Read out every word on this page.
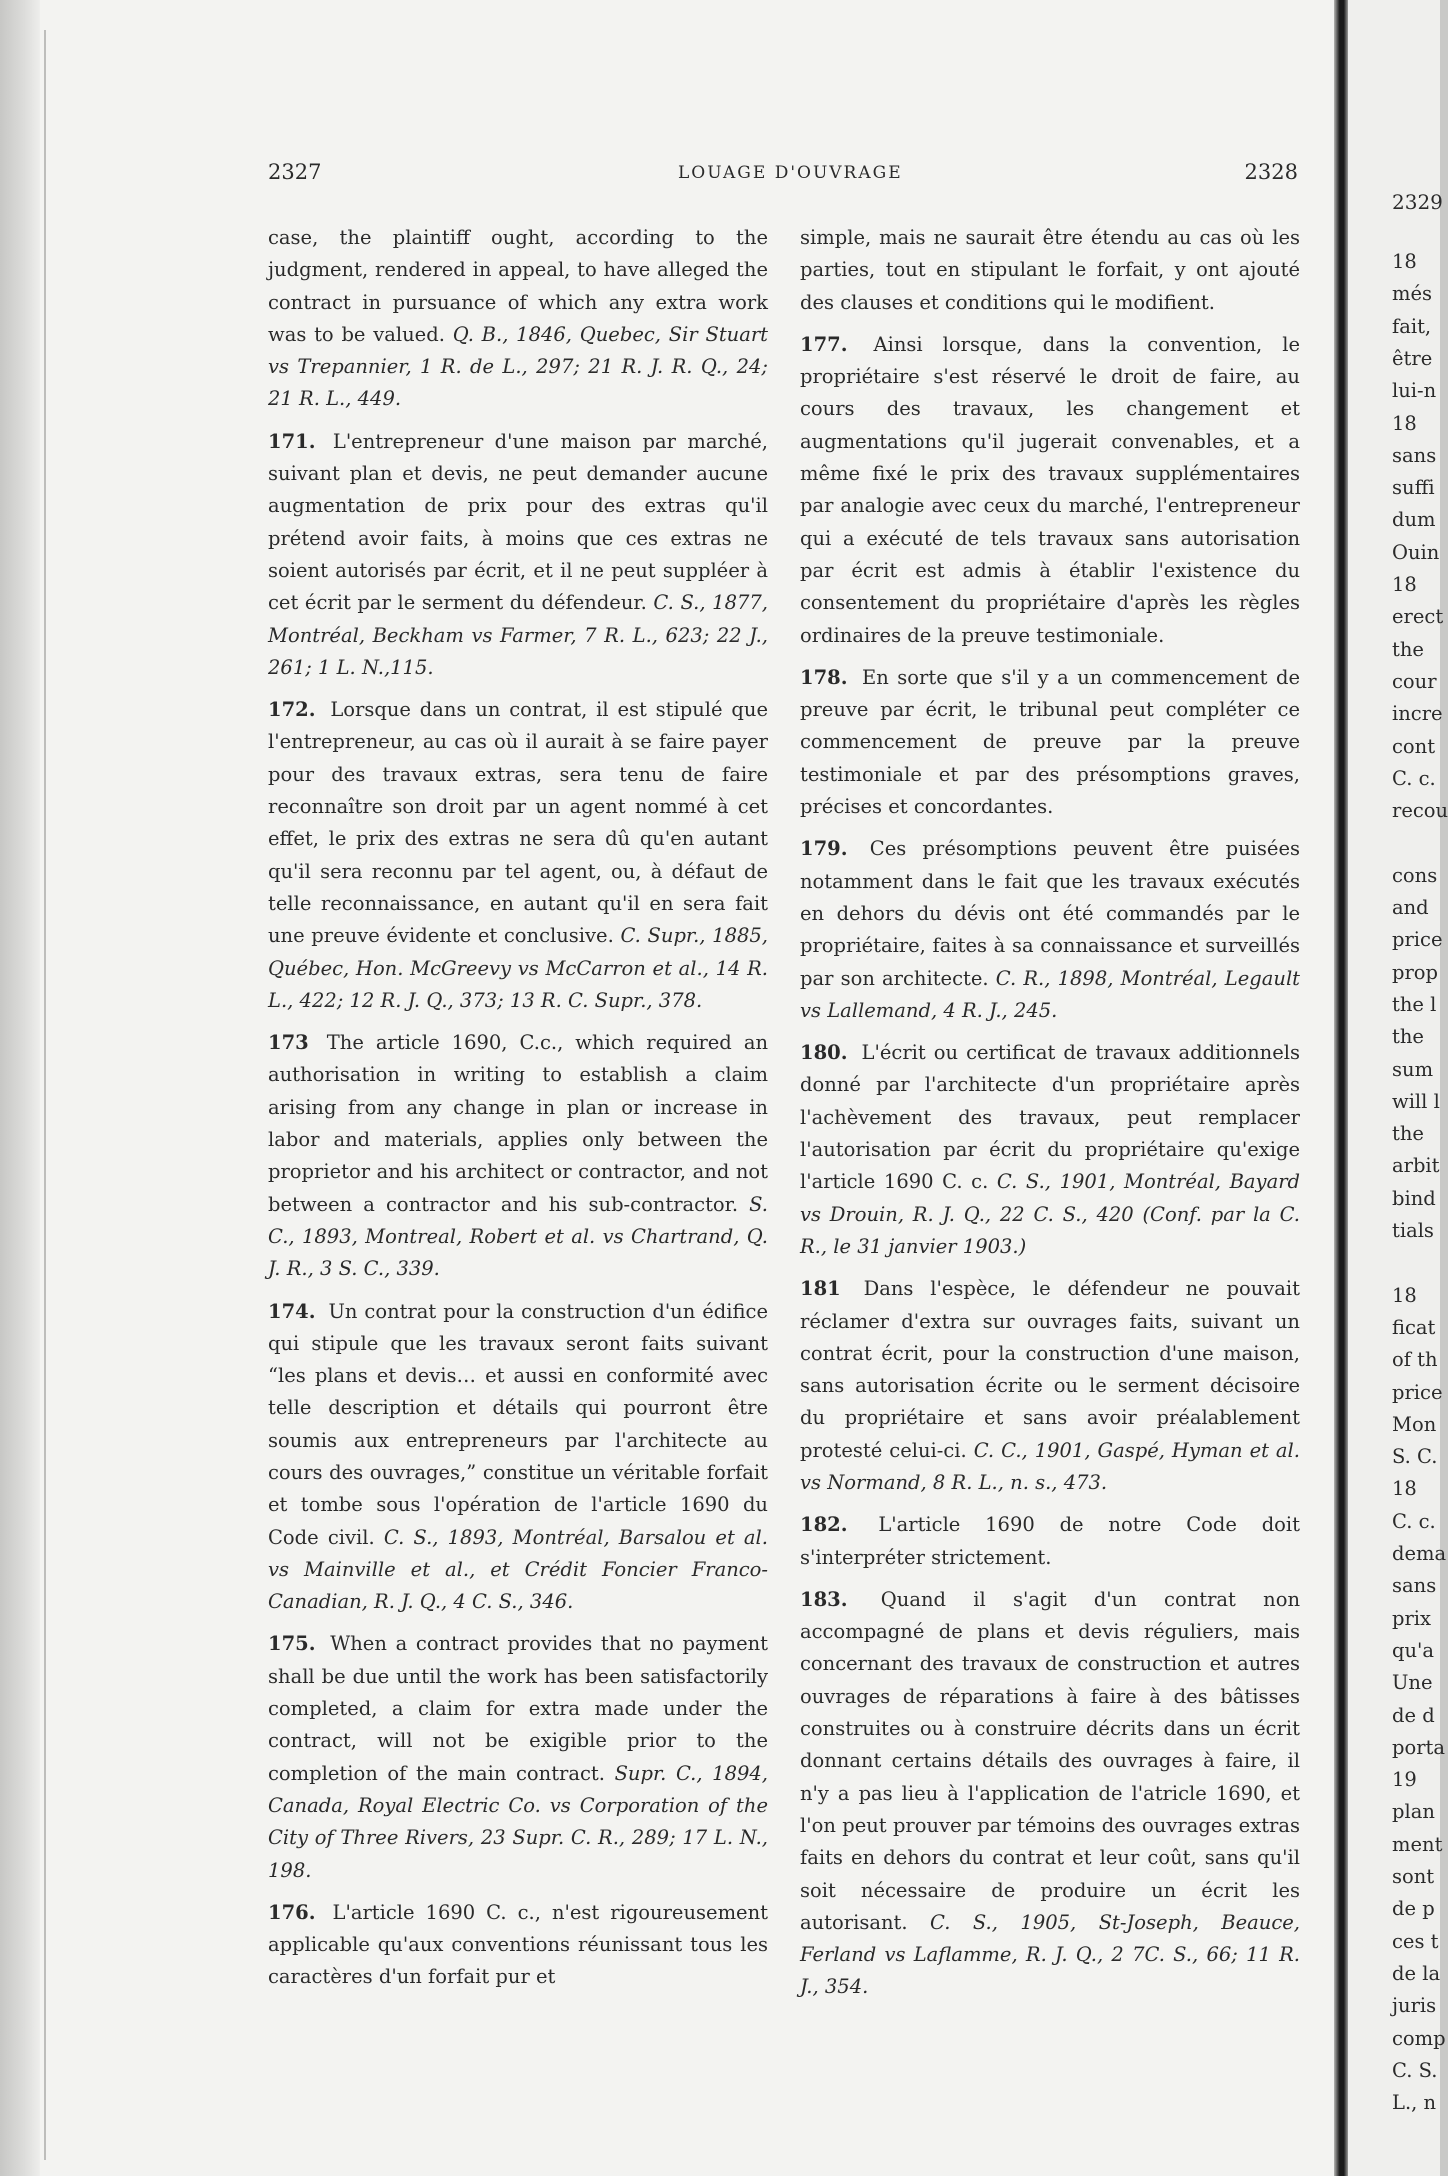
2327	LOUAGE D'OUVRAGE	2328

case, the plaintiff ought, according to the judgment, rendered in appeal, to have alleged the contract in pursuance of which any extra work was to be valued. Q. B., 1846, Quebec, Sir Stuart vs Trepannier, 1 R. de L., 297; 21 R. J. R. Q., 24; 21 R. L., 449.

171. L'entrepreneur d'une maison par marché, suivant plan et devis, ne peut demander aucune augmentation de prix pour des extras qu'il prétend avoir faits, à moins que ces extras ne soient autorisés par écrit, et il ne peut suppléer à cet écrit par le serment du défendeur. C. S., 1877, Montréal, Beckham vs Farmer, 7 R. L., 623; 22 J., 261; 1 L. N.,115.

172. Lorsque dans un contrat, il est stipulé que l'entrepreneur, au cas où il aurait à se faire payer pour des travaux extras, sera tenu de faire reconnaître son droit par un agent nommé à cet effet, le prix des extras ne sera dû qu'en autant qu'il sera reconnu par tel agent, ou, à défaut de telle reconnaissance, en autant qu'il en sera fait une preuve évidente et conclusive. C. Supr., 1885, Québec, Hon. McGreevy vs McCarron et al., 14 R. L., 422; 12 R. J. Q., 373; 13 R. C. Supr., 378.

173 The article 1690, C.c., which required an authorisation in writing to establish a claim arising from any change in plan or increase in labor and materials, applies only between the proprietor and his architect or contractor, and not between a contractor and his sub-contractor. S. C., 1893, Montreal, Robert et al. vs Chartrand, Q. J. R., 3 S. C., 339.

174. Un contrat pour la construction d'un édifice qui stipule que les travaux seront faits suivant “les plans et devis… et aussi en conformité avec telle description et détails qui pourront être soumis aux entrepreneurs par l'architecte au cours des ouvrages,” constitue un véritable forfait et tombe sous l'opération de l'article 1690 du Code civil. C. S., 1893, Montréal, Barsalou et al. vs Mainville et al., et Crédit Foncier Franco-Canadian, R. J. Q., 4 C. S., 346.

175. When a contract provides that no payment shall be due until the work has been satisfactorily completed, a claim for extra made under the contract, will not be exigible prior to the completion of the main contract. Supr. C., 1894, Canada, Royal Electric Co. vs Corporation of the City of Three Rivers, 23 Supr. C. R., 289; 17 L. N., 198.

176. L'article 1690 C. c., n'est rigoureusement applicable qu'aux conventions réunissant tous les caractères d'un forfait pur et

simple, mais ne saurait être étendu au cas où les parties, tout en stipulant le forfait, y ont ajouté des clauses et conditions qui le modifient.

177. Ainsi lorsque, dans la convention, le propriétaire s'est réservé le droit de faire, au cours des travaux, les changement et augmentations qu'il jugerait convenables, et a même fixé le prix des travaux supplémentaires par analogie avec ceux du marché, l'entrepreneur qui a exécuté de tels travaux sans autorisation par écrit est admis à établir l'existence du consentement du propriétaire d'après les règles ordinaires de la preuve testimoniale.

178. En sorte que s'il y a un commencement de preuve par écrit, le tribunal peut compléter ce commencement de preuve par la preuve testimoniale et par des présomptions graves, précises et concordantes.

179. Ces présomptions peuvent être puisées notamment dans le fait que les travaux exécutés en dehors du dévis ont été commandés par le propriétaire, faites à sa connaissance et surveillés par son architecte. C. R., 1898, Montréal, Legault vs Lallemand, 4 R. J., 245.

180. L'écrit ou certificat de travaux additionnels donné par l'architecte d'un propriétaire après l'achèvement des travaux, peut remplacer l'autorisation par écrit du propriétaire qu'exige l'article 1690 C. c. C. S., 1901, Montréal, Bayard vs Drouin, R. J. Q., 22 C. S., 420 (Conf. par la C. R., le 31 janvier 1903.)

181 Dans l'espèce, le défendeur ne pouvait réclamer d'extra sur ouvrages faits, suivant un contrat écrit, pour la construction d'une maison, sans autorisation écrite ou le serment décisoire du propriétaire et sans avoir préalablement protesté celui-ci. C. C., 1901, Gaspé, Hyman et al. vs Normand, 8 R. L., n. s., 473.

182. L'article 1690 de notre Code doit s'interpréter strictement.

183. Quand il s'agit d'un contrat non accompagné de plans et devis réguliers, mais concernant des travaux de construction et autres ouvrages de réparations à faire à des bâtisses construites ou à construire décrits dans un écrit donnant certains détails des ouvrages à faire, il n'y a pas lieu à l'application de l'atricle 1690, et l'on peut prouver par témoins des ouvrages extras faits en dehors du contrat et leur coût, sans qu'il soit nécessaire de produire un écrit les autorisant. C. S., 1905, St-Joseph, Beauce, Ferland vs Laflamme, R. J. Q., 2 7C. S., 66; 11 R. J., 354.

2329
18
més
fait,
être
lui-n
18
sans
suffi
dum
Ouin
18
erect
the
cour
incre
cont
C. c.
recou
cons
and
price
prop
the l
the
sum
will l
the
arbit
bind
tials
18
ficat
of th
price
Mon
S. C.
18
C. c.
dema
sans
prix
qu'a
Une
de d
porta
19
plan
ment
sont
de p
ces t
de la
juris
comp
C. S.
L., n
